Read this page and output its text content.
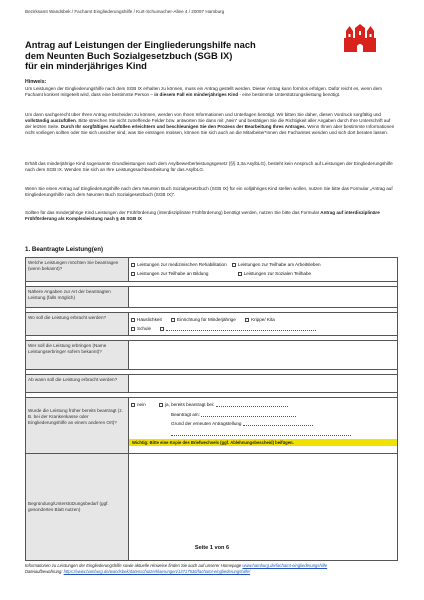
Bezirksamt Wandsbek / Fachamt Eingliederungshilfe / Kurt-Schumacher-Allee 4 / 20097 Hamburg
Antrag auf Leistungen der Eingliederungshilfe nach
dem Neunten Buch Sozialgesetzbuch (SGB IX)
für ein minderjähriges Kind
Hinweis:

Um Leistungen der Eingliederungshilfe nach dem SGB IX erhalten zu können, muss ein Antrag gestellt werden. Dieser Antrag kann formlos erfolgen. Dafür reicht es, wenn dem Fachamt konkret mitgeteilt wird, dass eine bestimmte Person – in diesem Fall ein minderjähriges Kind - eine bestimmte Unterstützungsleistung benötigt.

Um dann sachgerecht über Ihren Antrag entscheiden zu können, werden von Ihnen Informationen und Unterlagen benötigt. Wir bitten Sie daher, diesen Vordruck sorgfältig und vollständig auszufüllen. Bitte streichen Sie nicht zutreffende Felder bzw. antworten Sie dann mit „Nein“ und bestätigen Sie die Richtigkeit aller Angaben durch Ihre Unterschrift auf der letzten Seite. Durch Ihr sorgfältiges Ausfüllen erleichtern und beschleunigen Sie den Prozess der Bearbeitung Ihres Antrages. Wenn Ihnen aber bestimmte Informationen nicht vorliegen sollten oder Sie sich unsicher sind, was Sie eintragen müssen, können Sie sich auch an die Mitarbeiter*innen des Fachamtes wenden und sich dort beraten lassen.
Erhält das minderjährige Kind sogenannte Grundleistungen nach dem Asylbewerberleistungsgesetz (§§ 3,3a AsylbLG), besteht kein Anspruch auf Leistungen der Eingliederungshilfe nach dem SGB IX. Wenden Sie sich an Ihre Leistungssachbearbeitung für das AsylbLG.
Wenn Sie einen Antrag auf Eingliederungshilfe nach dem Neunten Buch Sozialgesetzbuch (SGB IX) für ein volljähriges Kind stellen wollen, nutzen Sie bitte das Formular „Antrag auf Eingliederungshilfe nach dem Neunten Buch Sozialgesetzbuch (SGB IX)“.
Sollten für das minderjährige Kind Leistungen der Frühförderung (interdisziplinäre Frühförderung) benötigt werden, nutzen Sie bitte das Formular Antrag auf interdisziplinäre Frühförderung als Komplexleistung nach § 46 SGB IX
1. Beantragte Leistung(en)
Welche Leistungen möchten Sie beantragen (wenn bekannt)?	Leistungen zur medizinischen Rehabilitation Leistungen zur Teilhabe am Arbeitsleben
Leistungen zur Teilhabe an Bildung Leistungen zur Sozialen Teilhabe

Nähere Angaben zur Art der beantragten Leistung (falls möglich)	

Wo soll die Leistung erbracht werden?	Häuslichkeit Einrichtung für Minderjährige Krippe/ Kita
Schule

Wer soll die Leistung erbringen (Name Leistungserbringer sofern bekannt)?	

Ab wann soll die Leistung erbracht werden?	

Wurde die Leistung früher bereits beantragt (z. B. bei der Krankenkasse oder Eingliederungshilfe an einem anderen Ort)?	nein ja, bereits beantragt bei:
Beantragt am:
Grund der erneuten Antragstellung

Wichtig: Bitte eine Kopie des Briefwechsels (ggf. Ablehnungsbescheid) beifügen.

Begründung/Unterstützungsbedarf (ggf. gesondertes Blatt nutzen)	
Seite 1 von 6
Informationen zu Leistungen der Eingliederungshilfe sowie aktuelle Hinweise finden Sie auch auf unserer Homepage www.hamburg.de/fachamt-eingliederungshilfe
Dateiaufbewahrung: https://www.hamburg.de/wandsbek/datenschutzerklaerungen/13717536/fachamt-eingliederungshilfe/
